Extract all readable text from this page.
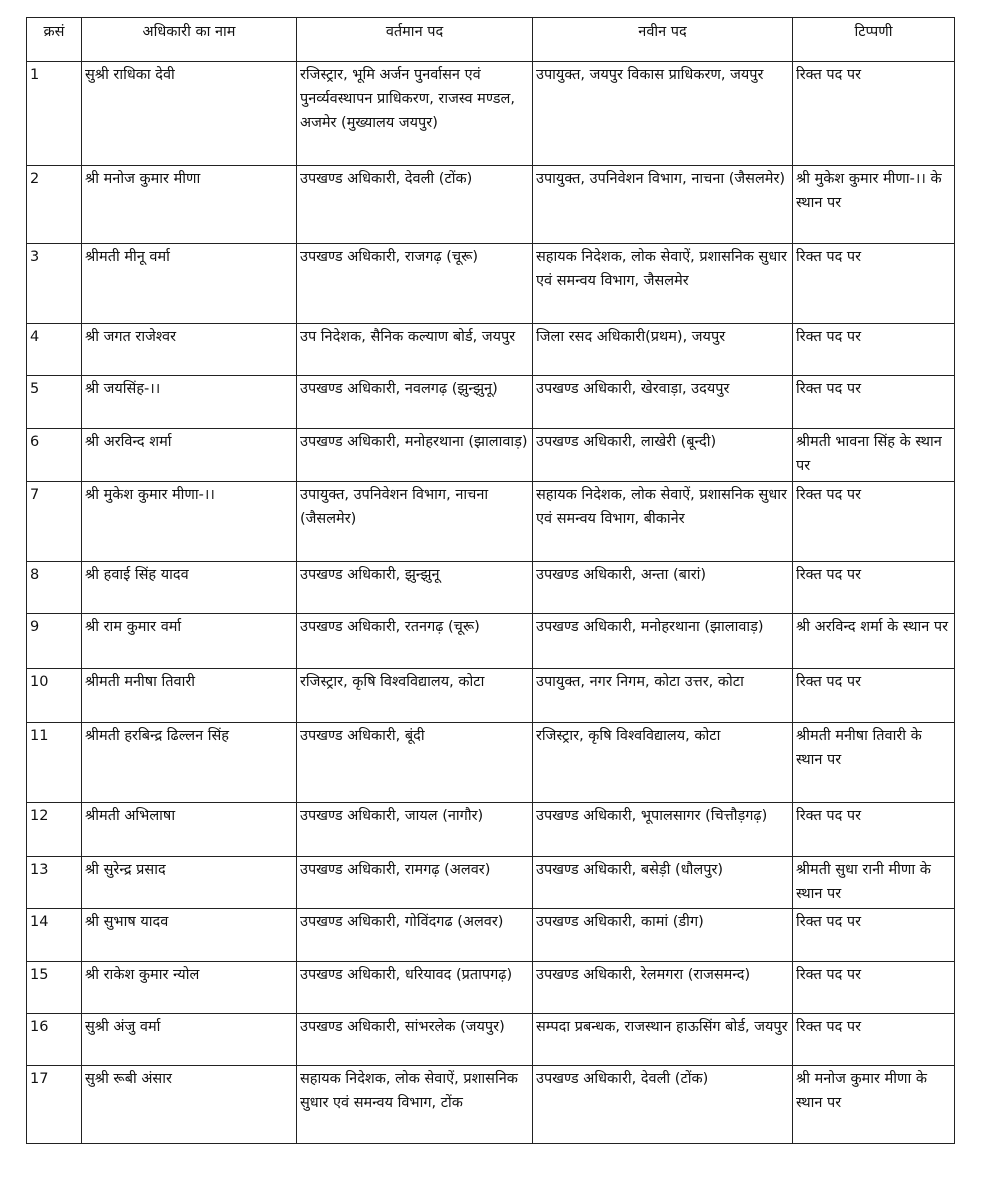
क्रसं	अधिकारी का नाम	वर्तमान पद	नवीन पद	टिप्पणी
1	सुश्री राधिका देवी	रजिस्ट्रार, भूमि अर्जन पुनर्वासन एवं पुनर्व्यवस्थापन प्राधिकरण, राजस्व मण्डल, अजमेर (मुख्यालय जयपुर)	उपायुक्त, जयपुर विकास प्राधिकरण, जयपुर	रिक्त पद पर
2	श्री मनोज कुमार मीणा	उपखण्ड अधिकारी, देवली (टोंक)	उपायुक्त, उपनिवेशन विभाग, नाचना (जैसलमेर)	श्री मुकेश कुमार मीणा-।। के स्थान पर
3	श्रीमती मीनू वर्मा	उपखण्ड अधिकारी, राजगढ़ (चूरू)	सहायक निदेशक, लोक सेवाऐं, प्रशासनिक सुधार एवं समन्वय विभाग, जैसलमेर	रिक्त पद पर
4	श्री जगत राजेश्वर	उप निदेशक, सैनिक कल्याण बोर्ड, जयपुर	जिला रसद अधिकारी(प्रथम), जयपुर	रिक्त पद पर
5	श्री जयसिंह-।।	उपखण्ड अधिकारी, नवलगढ़ (झुन्झुनू)	उपखण्ड अधिकारी, खेरवाड़ा, उदयपुर	रिक्त पद पर
6	श्री अरविन्द शर्मा	उपखण्ड अधिकारी, मनोहरथाना (झालावाड़)	उपखण्ड अधिकारी, लाखेरी (बून्दी)	श्रीमती भावना सिंह के स्थान पर
7	श्री मुकेश कुमार मीणा-।।	उपायुक्त, उपनिवेशन विभाग, नाचना (जैसलमेर)	सहायक निदेशक, लोक सेवाऐं, प्रशासनिक सुधार एवं समन्वय विभाग, बीकानेर	रिक्त पद पर
8	श्री हवाई सिंह यादव	उपखण्ड अधिकारी, झुन्झुनू	उपखण्ड अधिकारी, अन्ता (बारां)	रिक्त पद पर
9	श्री राम कुमार वर्मा	उपखण्ड अधिकारी, रतनगढ़ (चूरू)	उपखण्ड अधिकारी, मनोहरथाना (झालावाड़)	श्री अरविन्द शर्मा के स्थान पर
10	श्रीमती मनीषा तिवारी	रजिस्ट्रार, कृषि विश्वविद्यालय, कोटा	उपायुक्त, नगर निगम, कोटा उत्तर, कोटा	रिक्त पद पर
11	श्रीमती हरबिन्द्र ढिल्लन सिंह	उपखण्ड अधिकारी, बूंदी	रजिस्ट्रार, कृषि विश्वविद्यालय, कोटा	श्रीमती मनीषा तिवारी के स्थान पर
12	श्रीमती अभिलाषा	उपखण्ड अधिकारी, जायल (नागौर)	उपखण्ड अधिकारी, भूपालसागर (चित्तौड़गढ़)	रिक्त पद पर
13	श्री सुरेन्द्र प्रसाद	उपखण्ड अधिकारी, रामगढ़ (अलवर)	उपखण्ड अधिकारी, बसेड़ी (धौलपुर)	श्रीमती सुधा रानी मीणा के स्थान पर
14	श्री सुभाष यादव	उपखण्ड अधिकारी, गोविंदगढ (अलवर)	उपखण्ड अधिकारी, कामां (डीग)	रिक्त पद पर
15	श्री राकेश कुमार न्योल	उपखण्ड अधिकारी, धरियावद (प्रतापगढ़)	उपखण्ड अधिकारी, रेलमगरा (राजसमन्द)	रिक्त पद पर
16	सुश्री अंजु वर्मा	उपखण्ड अधिकारी, सांभरलेक (जयपुर)	सम्पदा प्रबन्धक, राजस्थान हाऊसिंग बोर्ड, जयपुर	रिक्त पद पर
17	सुश्री रूबी अंसार	सहायक निदेशक, लोक सेवाऐं, प्रशासनिक सुधार एवं समन्वय विभाग, टोंक	उपखण्ड अधिकारी, देवली (टोंक)	श्री मनोज कुमार मीणा के स्थान पर
